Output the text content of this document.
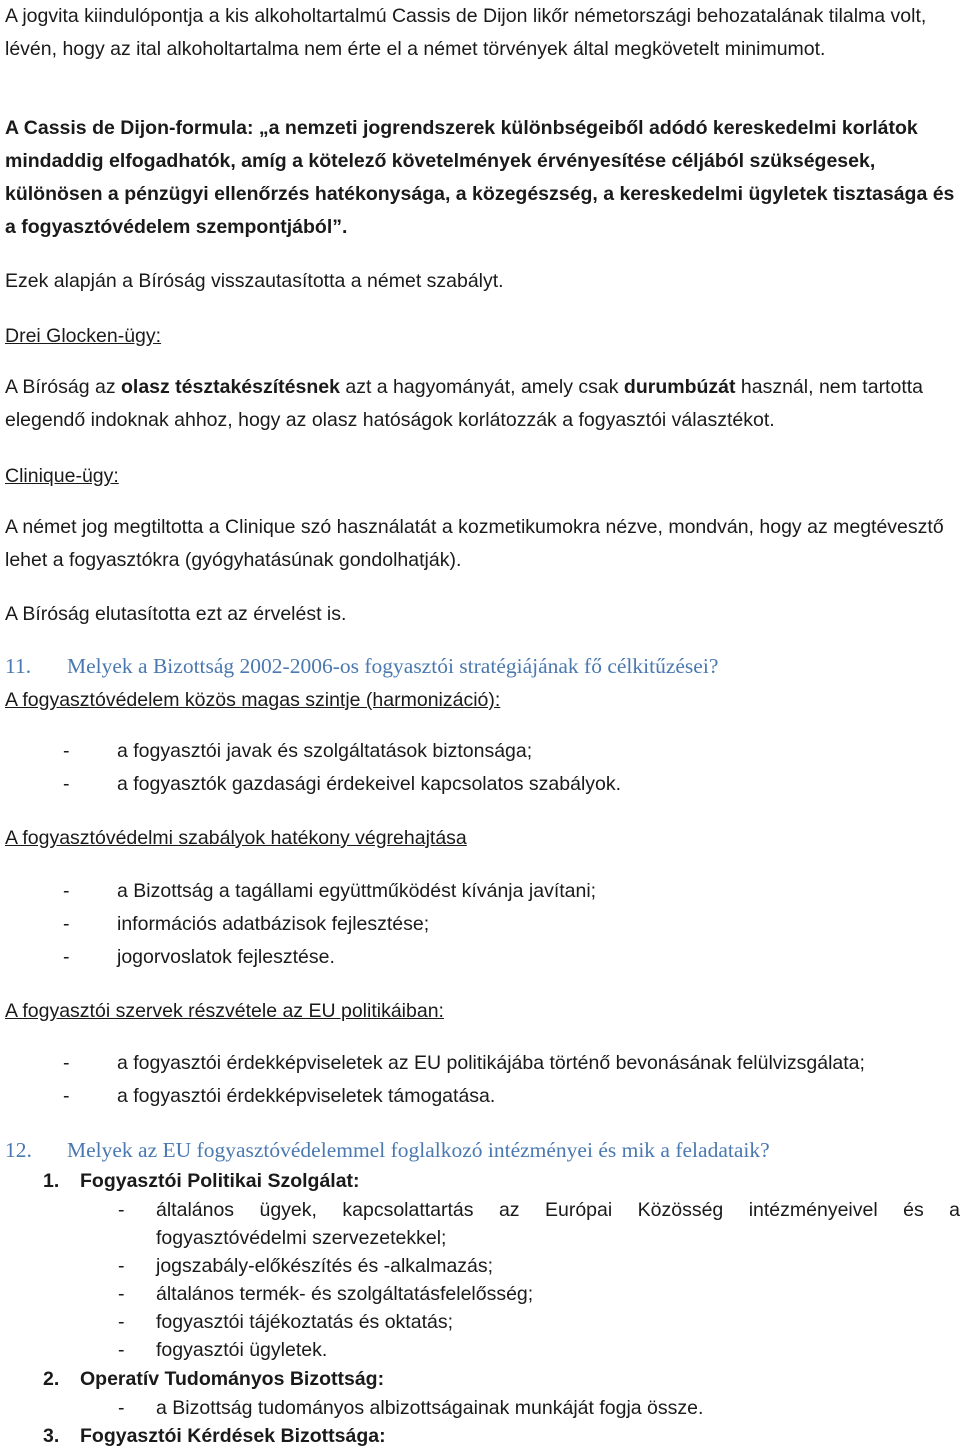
A jogvita kiindulópontja a kis alkoholtartalmú Cassis de Dijon likőr németországi behozatalának tilalma volt, lévén, hogy az ital alkoholtartalma nem érte el a német törvények által megkövetelt minimumot.

A Cassis de Dijon-formula: „a nemzeti jogrendszerek különbségeiből adódó kereskedelmi korlátok mindaddig elfogadhatók, amíg a kötelező követelmények érvényesítése céljából szükségesek, különösen a pénzügyi ellenőrzés hatékonysága, a közegészség, a kereskedelmi ügyletek tisztasága és a fogyasztóvédelem szempontjából”.

Ezek alapján a Bíróság visszautasította a német szabályt.

Drei Glocken-ügy:

A Bíróság az olasz tésztakészítésnek azt a hagyományát, amely csak durumbúzát használ, nem tartotta elegendő indoknak ahhoz, hogy az olasz hatóságok korlátozzák a fogyasztói választékot.

Clinique-ügy:

A német jog megtiltotta a Clinique szó használatát a kozmetikumokra nézve, mondván, hogy az megtévesztő lehet a fogyasztókra (gyógyhatásúnak gondolhatják).

A Bíróság elutasította ezt az érvelést is.

11. Melyek a Bizottság 2002-2006-os fogyasztói stratégiájának fő célkitűzései?

A fogyasztóvédelem közös magas szintje (harmonizáció):

- a fogyasztói javak és szolgáltatások biztonsága;
- a fogyasztók gazdasági érdekeivel kapcsolatos szabályok.

A fogyasztóvédelmi szabályok hatékony végrehajtása

- a Bizottság a tagállami együttműködést kívánja javítani;
- információs adatbázisok fejlesztése;
- jogorvoslatok fejlesztése.

A fogyasztói szervek részvétele az EU politikáiban:

- a fogyasztói érdekképviseletek az EU politikájába történő bevonásának felülvizsgálata;
- a fogyasztói érdekképviseletek támogatása.
12. Melyek az EU fogyasztóvédelemmel foglalkozó intézményei és mik a feladataik?
1. Fogyasztói Politikai Szolgálat:
- általános ügyek, kapcsolattartás az Európai Közösség intézményeivel és a
fogyasztóvédelmi szervezetekkel;
- jogszabály-előkészítés és -alkalmazás;
- általános termék- és szolgáltatásfelelősség;
- fogyasztói tájékoztatás és oktatás;
- fogyasztói ügyletek.
2. Operatív Tudományos Bizottság:
- a Bizottság tudományos albizottságainak munkáját fogja össze.
3. Fogyasztói Kérdések Bizottsága:
